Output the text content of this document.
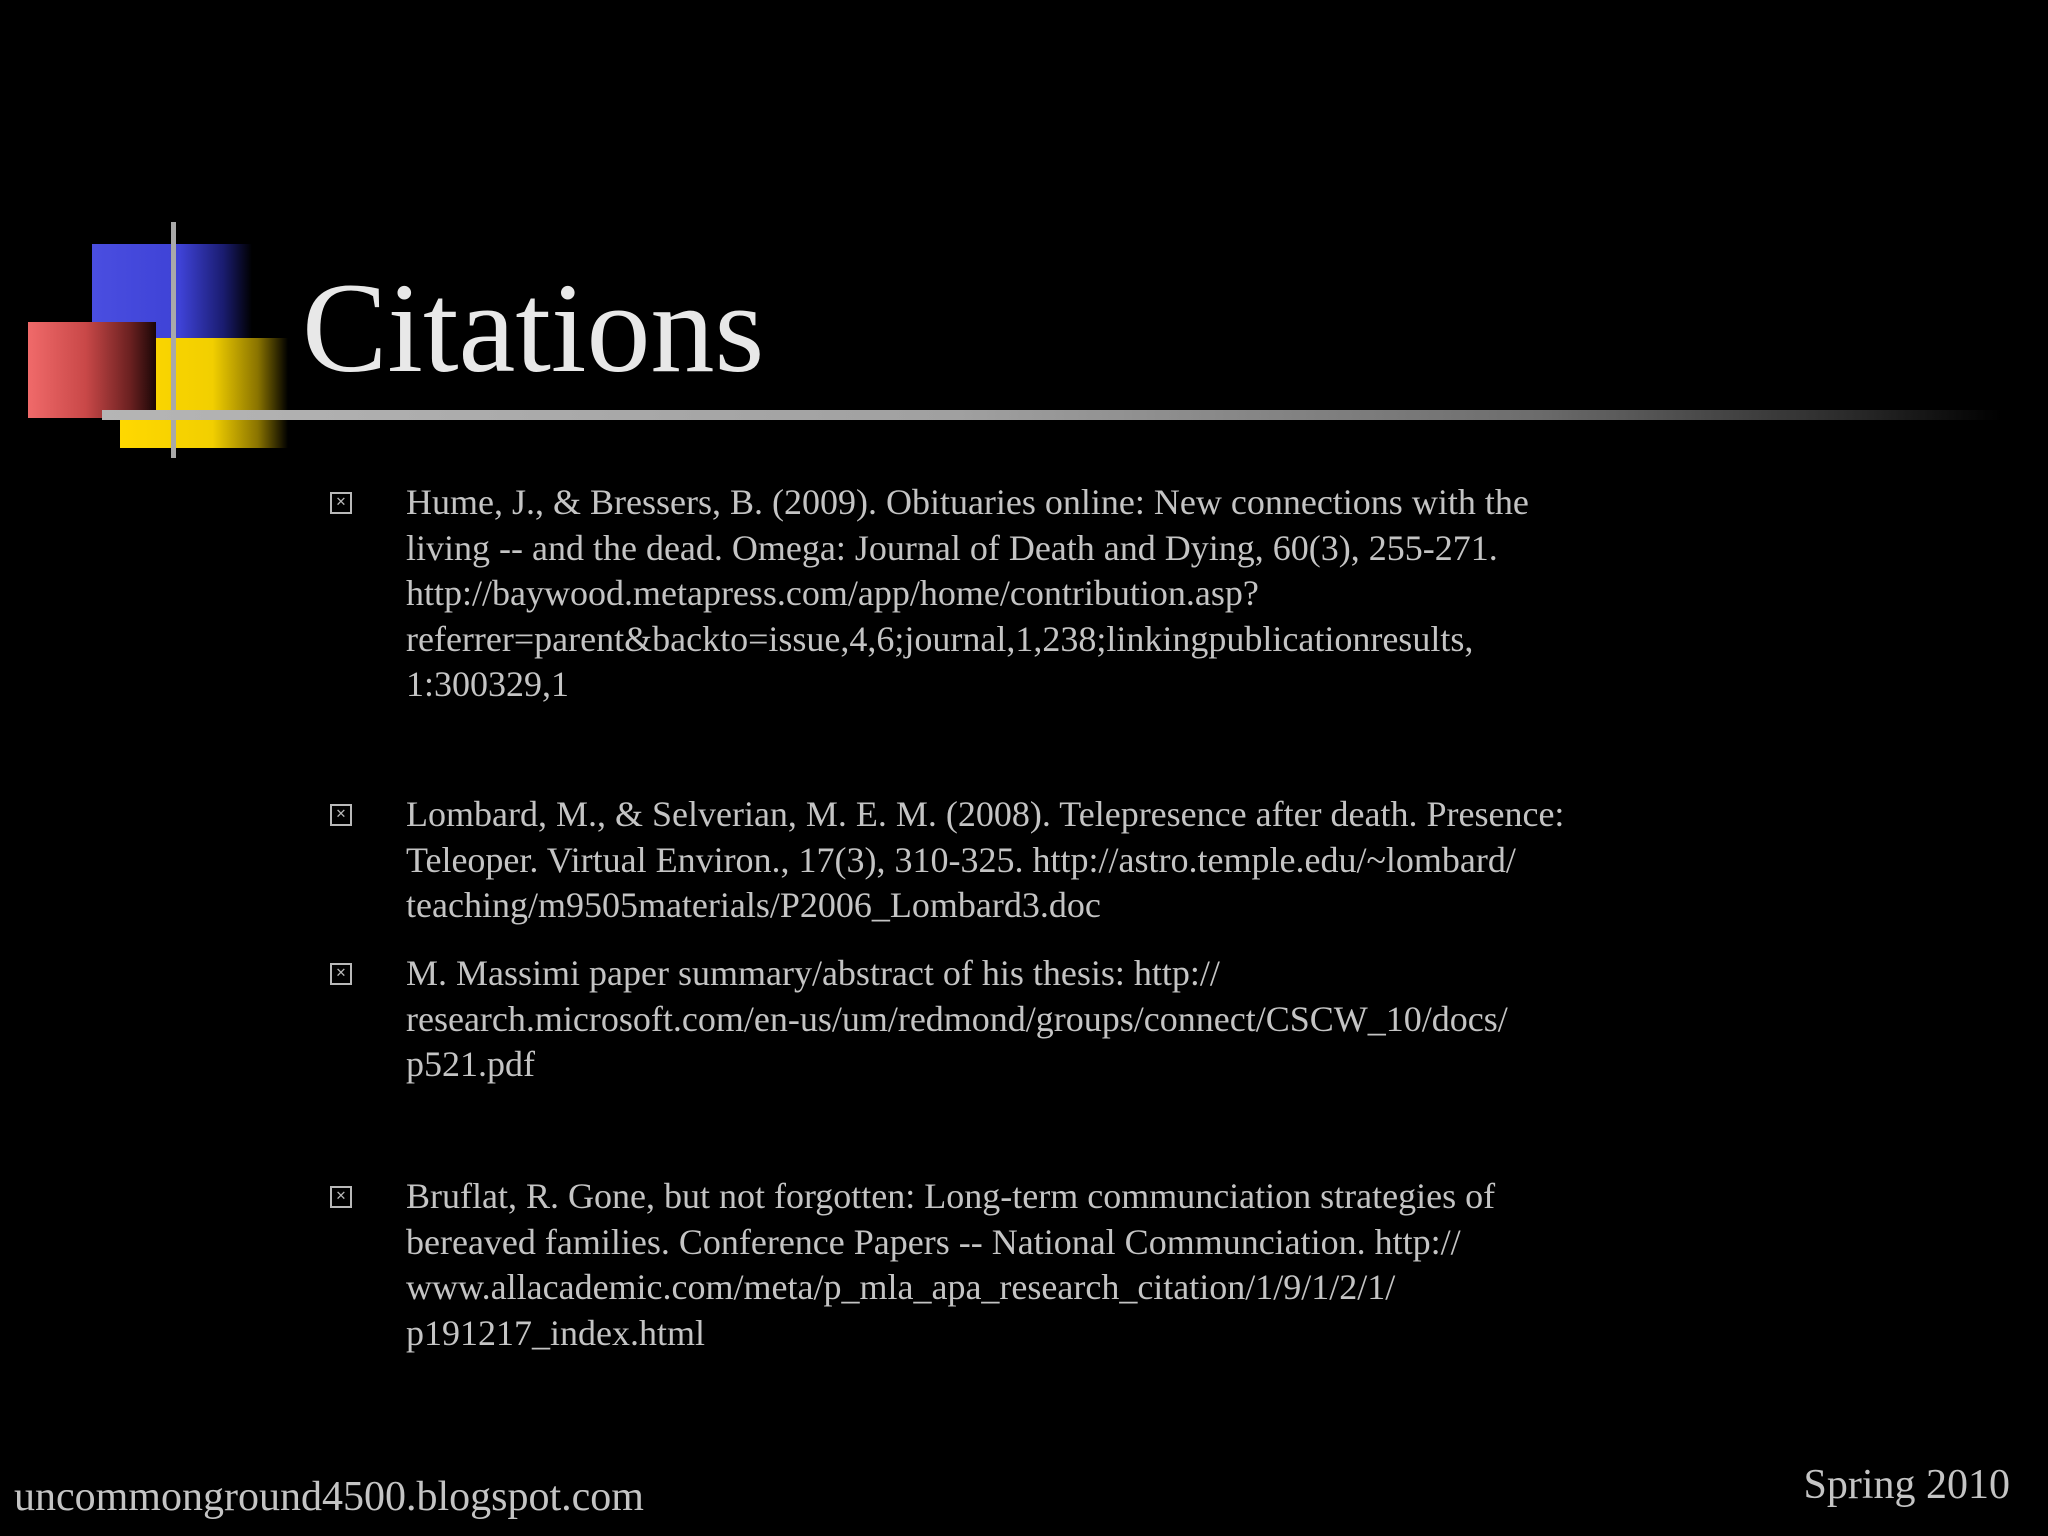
Citations
✕ Hume, J., & Bressers, B. (2009). Obituaries online: New connections with the
living -- and the dead. Omega: Journal of Death and Dying, 60(3), 255-271.
http://baywood.metapress.com/app/home/contribution.asp?
referrer=parent&backto=issue,4,6;journal,1,238;linkingpublicationresults,
1:300329,1
✕ Lombard, M., & Selverian, M. E. M. (2008). Telepresence after death. Presence:
Teleoper. Virtual Environ., 17(3), 310-325. http://astro.temple.edu/~lombard/
teaching/m9505materials/P2006_Lombard3.doc
✕ M. Massimi paper summary/abstract of his thesis: http://
research.microsoft.com/en-us/um/redmond/groups/connect/CSCW_10/docs/
p521.pdf
✕ Bruflat, R. Gone, but not forgotten: Long-term communciation strategies of
bereaved families. Conference Papers -- National Communciation. http://
www.allacademic.com/meta/p_mla_apa_research_citation/1/9/1/2/1/
p191217_index.html
uncommonground4500.blogspot.com	Spring 2010
